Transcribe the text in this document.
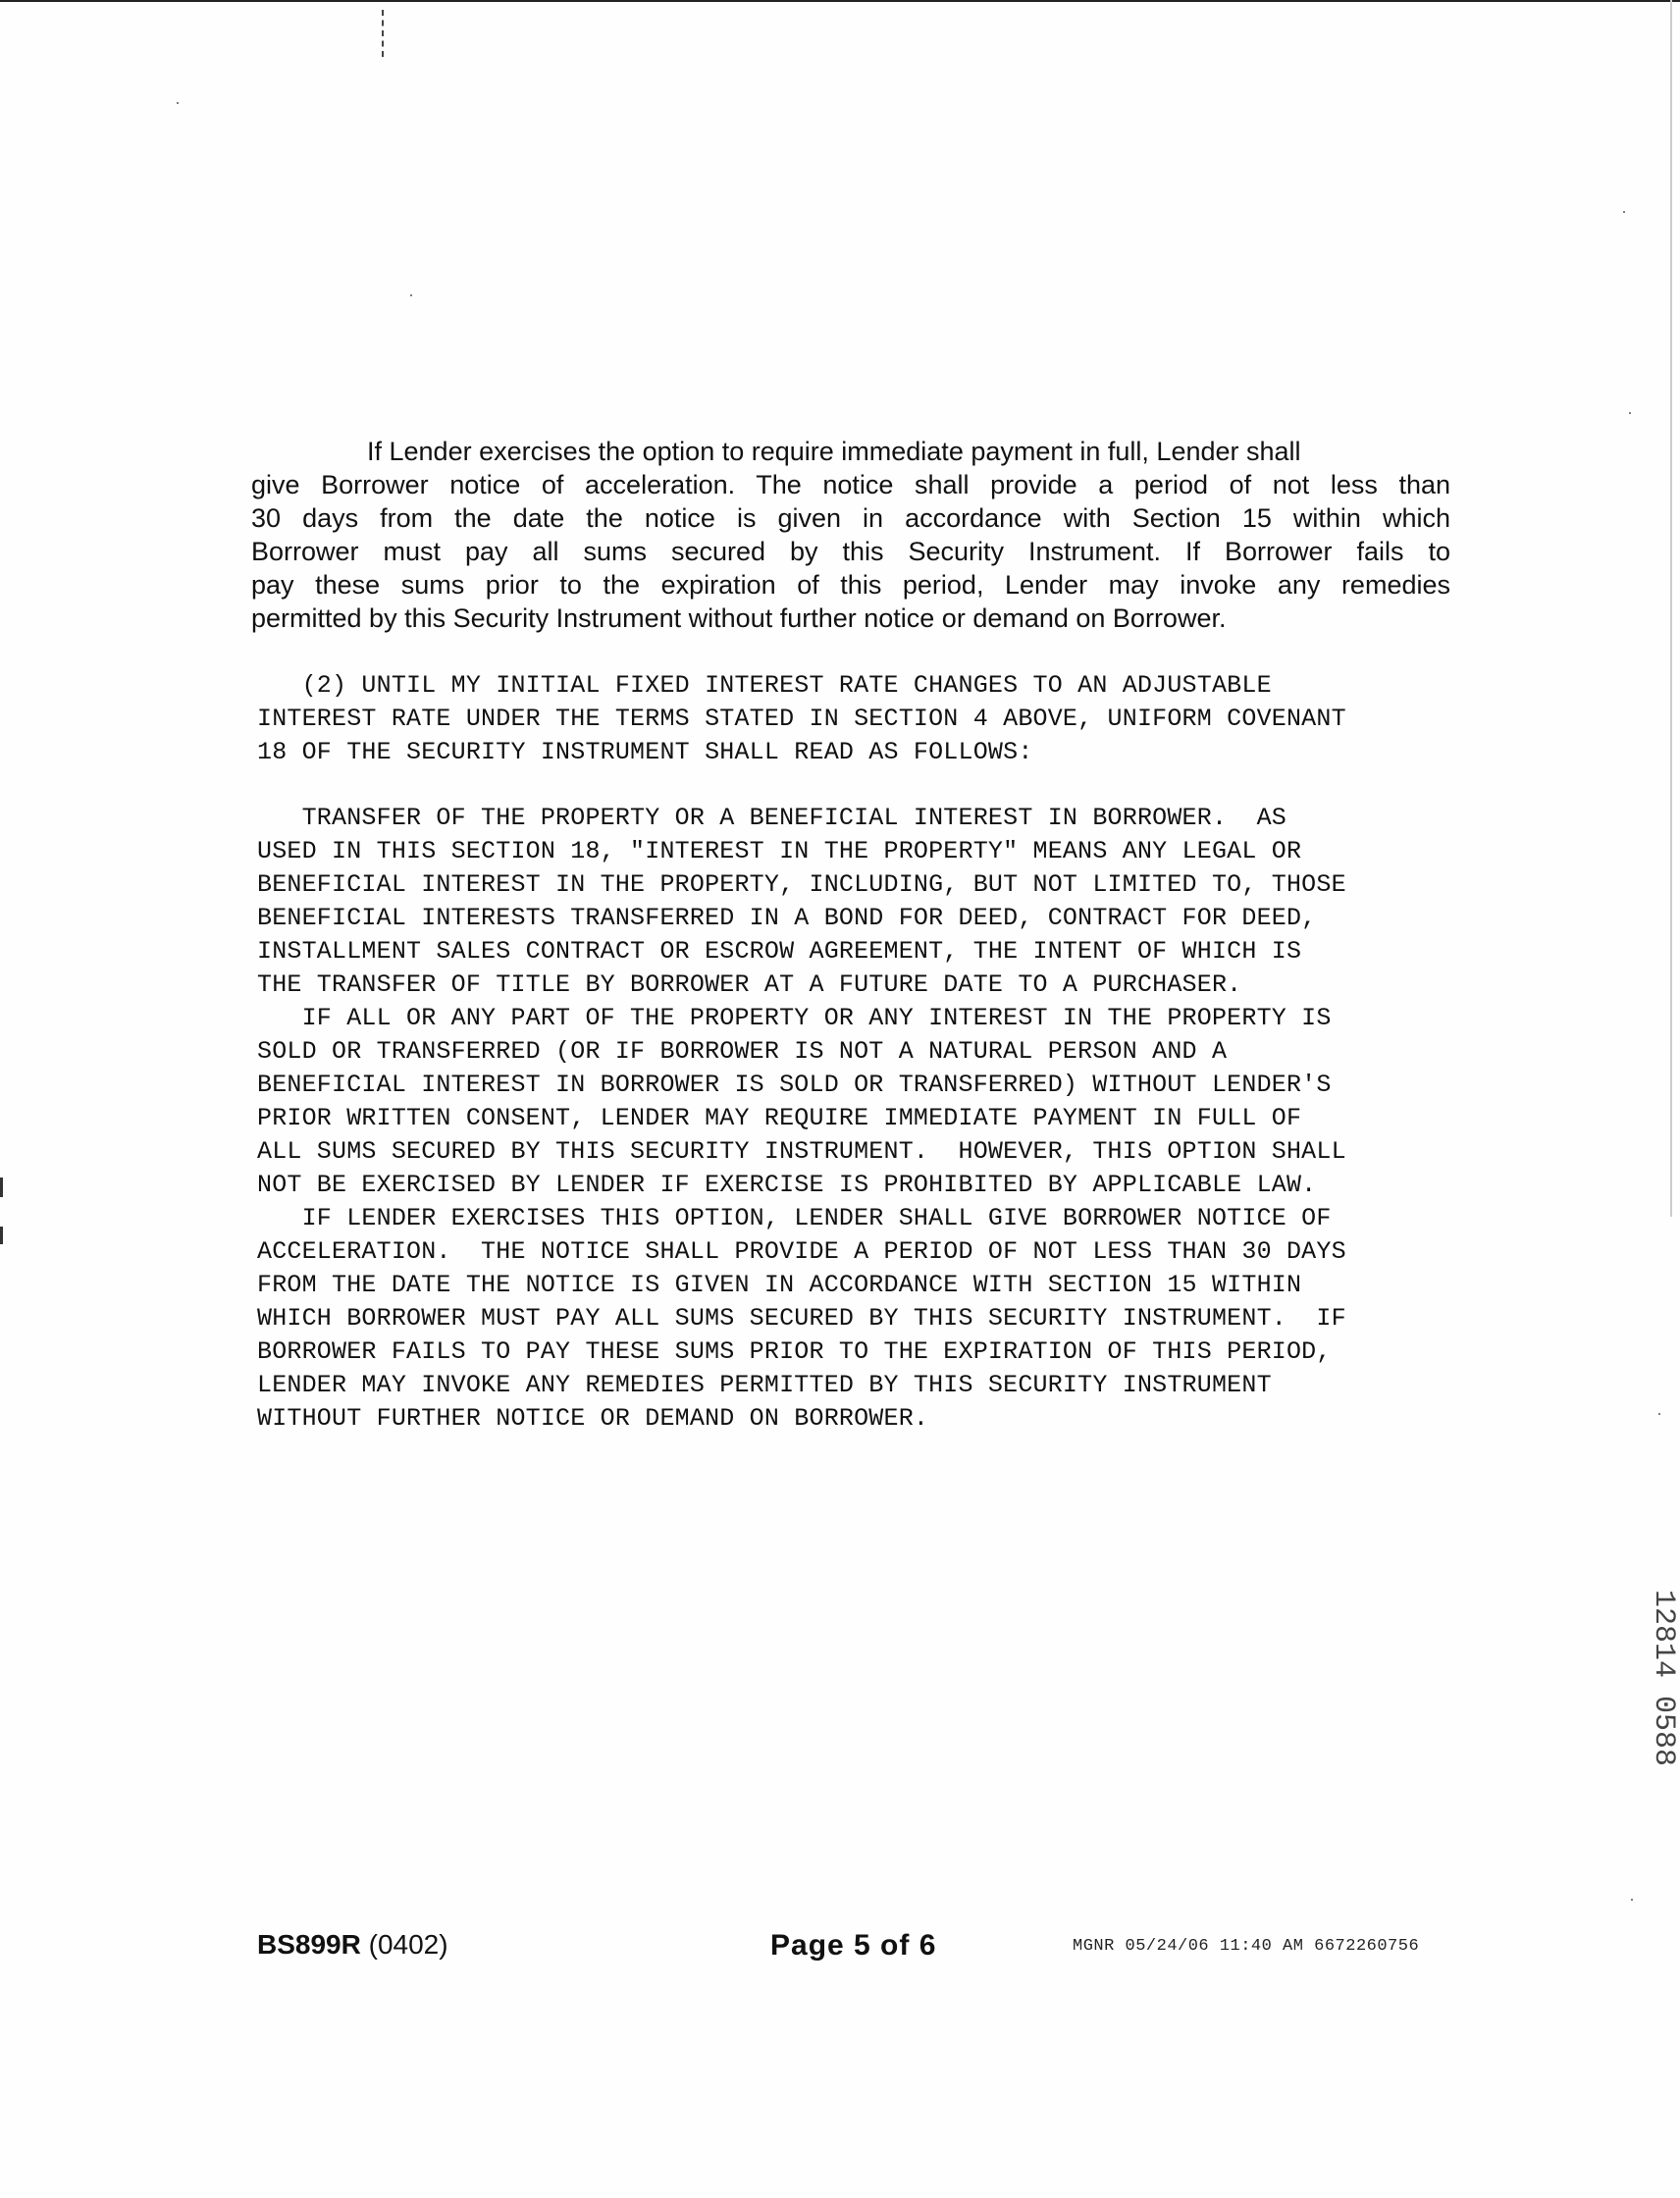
If Lender exercises the option to require immediate payment in full, Lender shall
give Borrower notice of acceleration. The notice shall provide a period of not less than
30 days from the date the notice is given in accordance with Section 15 within which
Borrower must pay all sums secured by this Security Instrument. If Borrower fails to
pay these sums prior to the expiration of this period, Lender may invoke any remedies
permitted by this Security Instrument without further notice or demand on Borrower.
(2) UNTIL MY INITIAL FIXED INTEREST RATE CHANGES TO AN ADJUSTABLE
INTEREST RATE UNDER THE TERMS STATED IN SECTION 4 ABOVE, UNIFORM COVENANT
18 OF THE SECURITY INSTRUMENT SHALL READ AS FOLLOWS:
TRANSFER OF THE PROPERTY OR A BENEFICIAL INTEREST IN BORROWER.  AS
USED IN THIS SECTION 18, "INTEREST IN THE PROPERTY" MEANS ANY LEGAL OR
BENEFICIAL INTEREST IN THE PROPERTY, INCLUDING, BUT NOT LIMITED TO, THOSE
BENEFICIAL INTERESTS TRANSFERRED IN A BOND FOR DEED, CONTRACT FOR DEED,
INSTALLMENT SALES CONTRACT OR ESCROW AGREEMENT, THE INTENT OF WHICH IS
THE TRANSFER OF TITLE BY BORROWER AT A FUTURE DATE TO A PURCHASER.
IF ALL OR ANY PART OF THE PROPERTY OR ANY INTEREST IN THE PROPERTY IS
SOLD OR TRANSFERRED (OR IF BORROWER IS NOT A NATURAL PERSON AND A
BENEFICIAL INTEREST IN BORROWER IS SOLD OR TRANSFERRED) WITHOUT LENDER'S
PRIOR WRITTEN CONSENT, LENDER MAY REQUIRE IMMEDIATE PAYMENT IN FULL OF
ALL SUMS SECURED BY THIS SECURITY INSTRUMENT.  HOWEVER, THIS OPTION SHALL
NOT BE EXERCISED BY LENDER IF EXERCISE IS PROHIBITED BY APPLICABLE LAW.
IF LENDER EXERCISES THIS OPTION, LENDER SHALL GIVE BORROWER NOTICE OF
ACCELERATION.  THE NOTICE SHALL PROVIDE A PERIOD OF NOT LESS THAN 30 DAYS
FROM THE DATE THE NOTICE IS GIVEN IN ACCORDANCE WITH SECTION 15 WITHIN
WHICH BORROWER MUST PAY ALL SUMS SECURED BY THIS SECURITY INSTRUMENT.  IF
BORROWER FAILS TO PAY THESE SUMS PRIOR TO THE EXPIRATION OF THIS PERIOD,
LENDER MAY INVOKE ANY REMEDIES PERMITTED BY THIS SECURITY INSTRUMENT
WITHOUT FURTHER NOTICE OR DEMAND ON BORROWER.
12814 0588
BS899R (0402)	Page 5 of 6	MGNR 05/24/06 11:40 AM 6672260756
